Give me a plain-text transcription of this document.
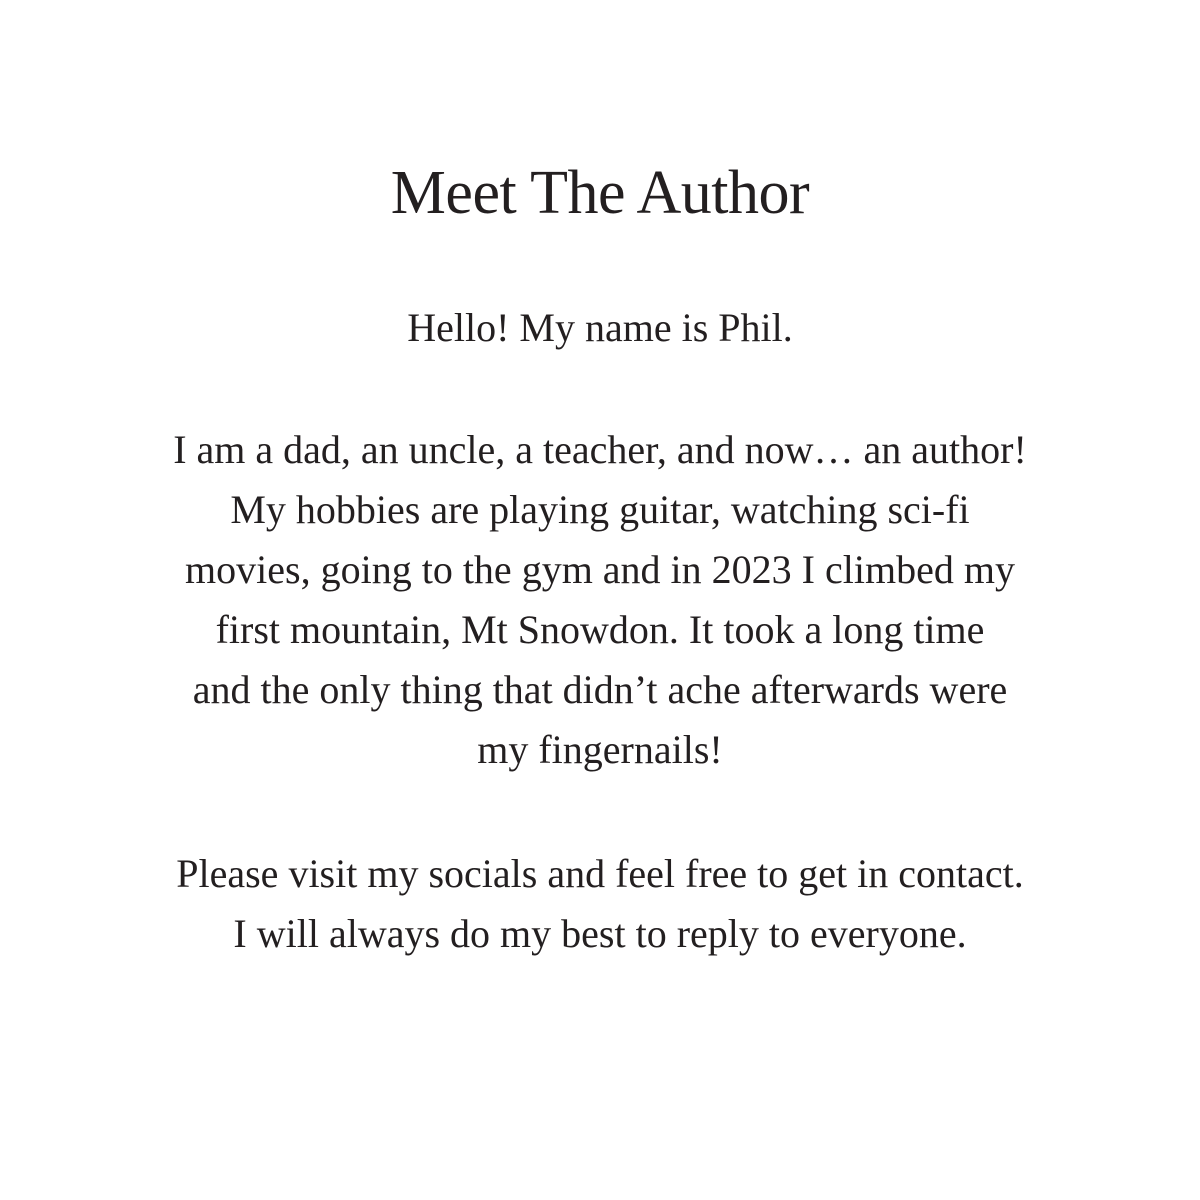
Meet The Author

Hello! My name is Phil.

I am a dad, an uncle, a teacher, and now… an author!

My hobbies are playing guitar, watching sci-fi

movies, going to the gym and in 2023 I climbed my

first mountain, Mt Snowdon. It took a long time

and the only thing that didn’t ache afterwards were

my fingernails!

Please visit my socials and feel free to get in contact.

I will always do my best to reply to everyone.
